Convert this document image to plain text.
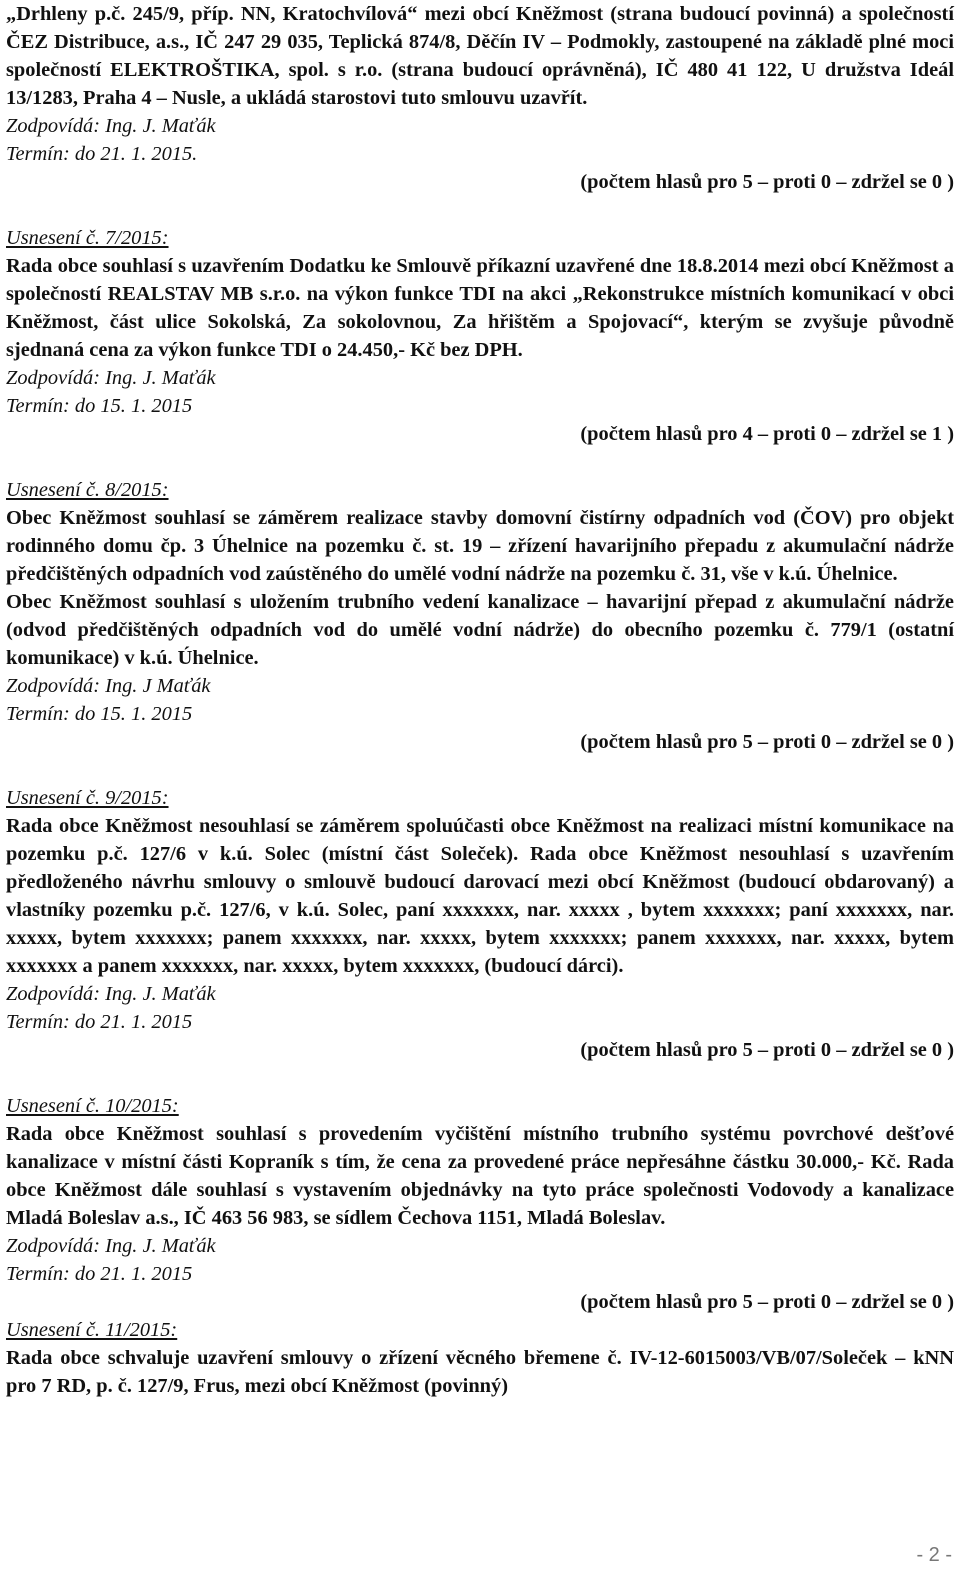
„Drhleny p.č. 245/9, příp. NN, Kratochvílová“ mezi obcí Kněžmost (strana budoucí povinná) a společností ČEZ Distribuce, a.s., IČ 247 29 035, Teplická 874/8, Děčín IV – Podmokly, zastoupené na základě plné moci společností ELEKTROŠTIKA, spol. s r.o. (strana budoucí oprávněná), IČ 480 41 122, U družstva Ideál 13/1283, Praha 4 – Nusle, a ukládá starostovi tuto smlouvu uzavřít.

Zodpovídá: Ing. J. Maťák

Termín: do 21. 1. 2015.

(počtem hlasů pro 5 – proti 0 – zdržel se 0 )

Usnesení č. 7/2015:

Rada obce souhlasí s uzavřením Dodatku ke Smlouvě příkazní uzavřené dne 18.8.2014 mezi obcí Kněžmost a společností REALSTAV MB s.r.o. na výkon funkce TDI na akci „Rekonstrukce místních komunikací v obci Kněžmost, část ulice Sokolská, Za sokolovnou, Za hřištěm a Spojovací“, kterým se zvyšuje původně sjednaná cena za výkon funkce TDI o 24.450,- Kč bez DPH.

Zodpovídá: Ing. J. Maťák

Termín: do 15. 1. 2015

(počtem hlasů pro 4 – proti 0 – zdržel se 1 )

Usnesení č. 8/2015:

Obec Kněžmost souhlasí se záměrem realizace stavby domovní čistírny odpadních vod (ČOV) pro objekt rodinného domu čp. 3 Úhelnice na pozemku č. st. 19 – zřízení havarijního přepadu z akumulační nádrže předčištěných odpadních vod zaústěného do umělé vodní nádrže na pozemku č. 31, vše v k.ú. Úhelnice.

Obec Kněžmost souhlasí s uložením trubního vedení kanalizace – havarijní přepad z akumulační nádrže (odvod předčištěných odpadních vod do umělé vodní nádrže) do obecního pozemku č. 779/1 (ostatní komunikace) v k.ú. Úhelnice.

Zodpovídá: Ing. J Maťák

Termín: do 15. 1. 2015

(počtem hlasů pro 5 – proti 0 – zdržel se 0 )

Usnesení č. 9/2015:

Rada obce Kněžmost nesouhlasí se záměrem spoluúčasti obce Kněžmost na realizaci místní komunikace na pozemku p.č. 127/6 v k.ú. Solec (místní část Soleček). Rada obce Kněžmost nesouhlasí s uzavřením předloženého návrhu smlouvy o smlouvě budoucí darovací mezi obcí Kněžmost (budoucí obdarovaný) a vlastníky pozemku p.č. 127/6, v k.ú. Solec, paní xxxxxxx, nar. xxxxx , bytem xxxxxxx; paní xxxxxxx, nar. xxxxx, bytem xxxxxxx; panem xxxxxxx, nar. xxxxx, bytem xxxxxxx; panem xxxxxxx, nar. xxxxx, bytem xxxxxxx a panem xxxxxxx, nar. xxxxx, bytem xxxxxxx, (budoucí dárci).

Zodpovídá: Ing. J. Maťák

Termín: do 21. 1. 2015

(počtem hlasů pro 5 – proti 0 – zdržel se 0 )

Usnesení č. 10/2015:

Rada obce Kněžmost souhlasí s provedením vyčištění místního trubního systému povrchové dešťové kanalizace v místní části Kopraník s tím, že cena za provedené práce nepřesáhne částku 30.000,- Kč. Rada obce Kněžmost dále souhlasí s vystavením objednávky na tyto práce společnosti Vodovody a kanalizace Mladá Boleslav a.s., IČ 463 56 983, se sídlem Čechova 1151, Mladá Boleslav.

Zodpovídá: Ing. J. Maťák

Termín: do 21. 1. 2015

(počtem hlasů pro 5 – proti 0 – zdržel se 0 )

Usnesení č. 11/2015:

Rada obce schvaluje uzavření smlouvy o zřízení věcného břemene č. IV-12-6015003/VB/07/Soleček – kNN pro 7 RD, p. č. 127/9, Frus, mezi obcí Kněžmost (povinný)

- 2 -
